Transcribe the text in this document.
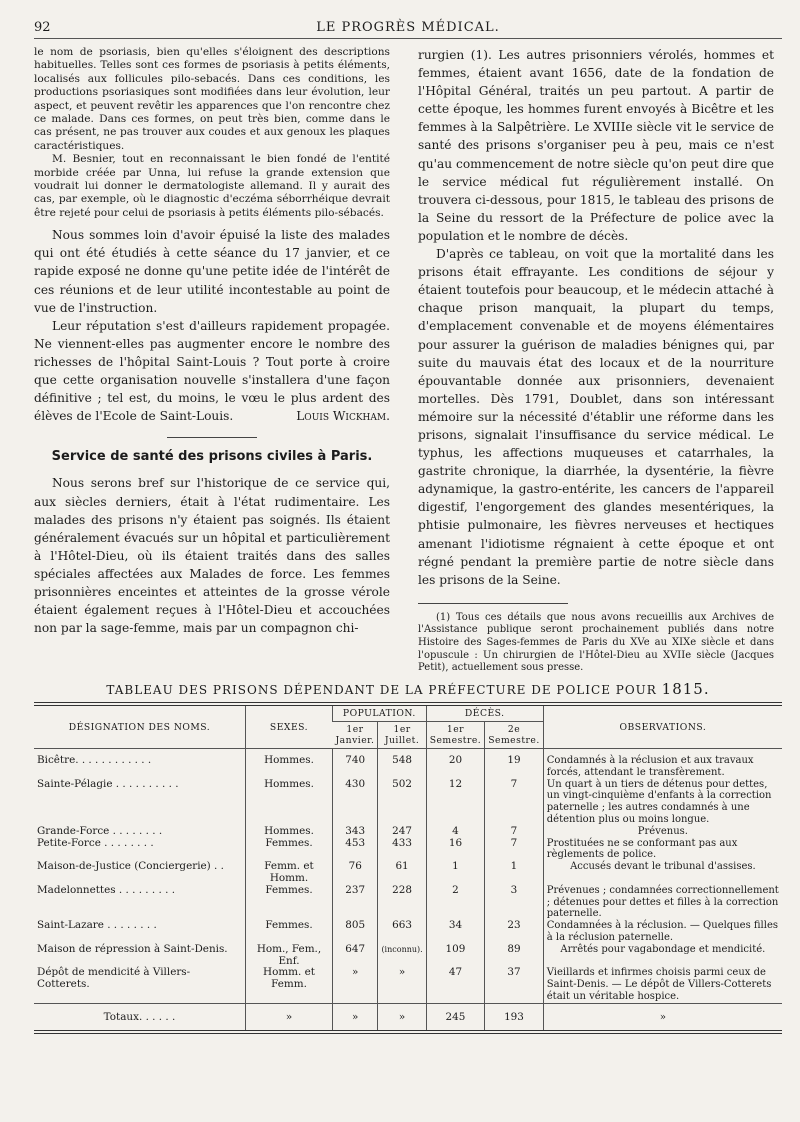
92	LE PROGRÈS MÉDICAL.

le nom de psoriasis, bien qu'elles s'éloignent des descriptions habituelles. Telles sont ces formes de psoriasis à petits éléments, localisés aux follicules pilo-sebacés. Dans ces conditions, les productions psoriasiques sont modifiées dans leur évolution, leur aspect, et peuvent revêtir les apparences que l'on rencontre chez ce malade. Dans ces formes, on peut très bien, comme dans le cas présent, ne pas trouver aux coudes et aux genoux les plaques caractéristiques.

M. Besnier, tout en reconnaissant le bien fondé de l'entité morbide créée par Unna, lui refuse la grande extension que voudrait lui donner le dermatologiste allemand. Il y aurait des cas, par exemple, où le diagnostic d'eczéma séborrhéique devrait être rejeté pour celui de psoriasis à petits éléments pilo-sébacés.

Nous sommes loin d'avoir épuisé la liste des malades qui ont été étudiés à cette séance du 17 janvier, et ce rapide exposé ne donne qu'une petite idée de l'intérêt de ces réunions et de leur utilité incontestable au point de vue de l'instruction.

Leur réputation s'est d'ailleurs rapidement propagée. Ne viennent-elles pas augmenter encore le nombre des richesses de l'hôpital Saint-Louis ? Tout porte à croire que cette organisation nouvelle s'installera d'une façon définitive ; tel est, du moins, le vœu le plus ardent des élèves de l'Ecole de Saint-Louis.	Louis Wickham.

Service de santé des prisons civiles à Paris.

Nous serons bref sur l'historique de ce service qui, aux siècles derniers, était à l'état rudimentaire. Les malades des prisons n'y étaient pas soignés. Ils étaient généralement évacués sur un hôpital et particulièrement à l'Hôtel-Dieu, où ils étaient traités dans des salles spéciales affectées aux Malades de force. Les femmes prisonnières enceintes et atteintes de la grosse vérole étaient également reçues à l'Hôtel-Dieu et accouchées non par la sage-femme, mais par un compagnon chi-

rurgien (1). Les autres prisonniers vérolés, hommes et femmes, étaient avant 1656, date de la fondation de l'Hôpital Général, traités un peu partout. A partir de cette époque, les hommes furent envoyés à Bicêtre et les femmes à la Salpêtrière. Le XVIIIe siècle vit le service de santé des prisons s'organiser peu à peu, mais ce n'est qu'au commencement de notre siècle qu'on peut dire que le service médical fut régulièrement installé. On trouvera ci-dessous, pour 1815, le tableau des prisons de la Seine du ressort de la Préfecture de police avec la population et le nombre de décès.

D'après ce tableau, on voit que la mortalité dans les prisons était effrayante. Les conditions de séjour y étaient toutefois pour beaucoup, et le médecin attaché à chaque prison manquait, la plupart du temps, d'emplacement convenable et de moyens élémentaires pour assurer la guérison de maladies bénignes qui, par suite du mauvais état des locaux et de la nourriture épouvantable donnée aux prisonniers, devenaient mortelles. Dès 1791, Doublet, dans son intéressant mémoire sur la nécessité d'établir une réforme dans les prisons, signalait l'insuffisance du service médical. Le typhus, les affections muqueuses et catarrhales, la gastrite chronique, la diarrhée, la dysentérie, la fièvre adynamique, la gastro-entérite, les cancers de l'appareil digestif, l'engorgement des glandes mesentériques, la phtisie pulmonaire, les fièvres nerveuses et hectiques amenant l'idiotisme régnaient à cette époque et ont régné pendant la première partie de notre siècle dans les prisons de la Seine.

(1) Tous ces détails que nous avons recueillis aux Archives de l'Assistance publique seront prochainement publiés dans notre Histoire des Sages-femmes de Paris du XVe au XIXe siècle et dans l'opuscule : Un chirurgien de l'Hôtel-Dieu au XVIIe siècle (Jacques Petit), actuellement sous presse.

TABLEAU DES PRISONS DÉPENDANT DE LA PRÉFECTURE DE POLICE POUR 1815.
DÉSIGNATION DES NOMS.	SEXES.	POPULATION.		DÉCÈS.		OBSERVATIONS.
		1er Janvier.	1er Juillet.	1er Semestre.	2e Semestre.	

Bicêtre. . . . . . . . . . . .	Hommes.	740	548	20	19	Condamnés à la réclusion et aux travaux forcés, attendant le transfèrement.
Sainte-Pélagie . . . . . . . . . .	Hommes.	430	502	12	7	Un quart à un tiers de détenus pour dettes, un vingt-cinquième d'enfants à la correction paternelle ; les autres condamnés à une détention plus ou moins longue.
Grande-Force . . . . . . . .	Hommes.	343	247	4	7	Prévenus.
Petite-Force . . . . . . . .	Femmes.	453	433	16	7	Prostituées ne se conformant pas aux règlements de police.
Maison-de-Justice (Conciergerie) . .	Femm. et Homm.	76	61	1	1	Accusés devant le tribunal d'assises.
Madelonnettes . . . . . . . . .	Femmes.	237	228	2	3	Prévenues ; condamnées correctionnellement ; détenues pour dettes et filles à la correction paternelle.
Saint-Lazare . . . . . . . .	Femmes.	805	663	34	23	Condamnées à la réclusion. — Quelques filles à la réclusion paternelle.
Maison de répression à Saint-Denis.	Hom., Fem., Enf.	647	(inconnu).	109	89	Arrêtés pour vagabondage et mendicité.
Dépôt de mendicité à Villers-Cotterets.	Homm. et Femm.	»	»	47	37	Vieillards et infirmes choisis parmi ceux de Saint-Denis. — Le dépôt de Villers-Cotterets était un véritable hospice.
Totaux. . . . . .	»	»	»	245	193	»
